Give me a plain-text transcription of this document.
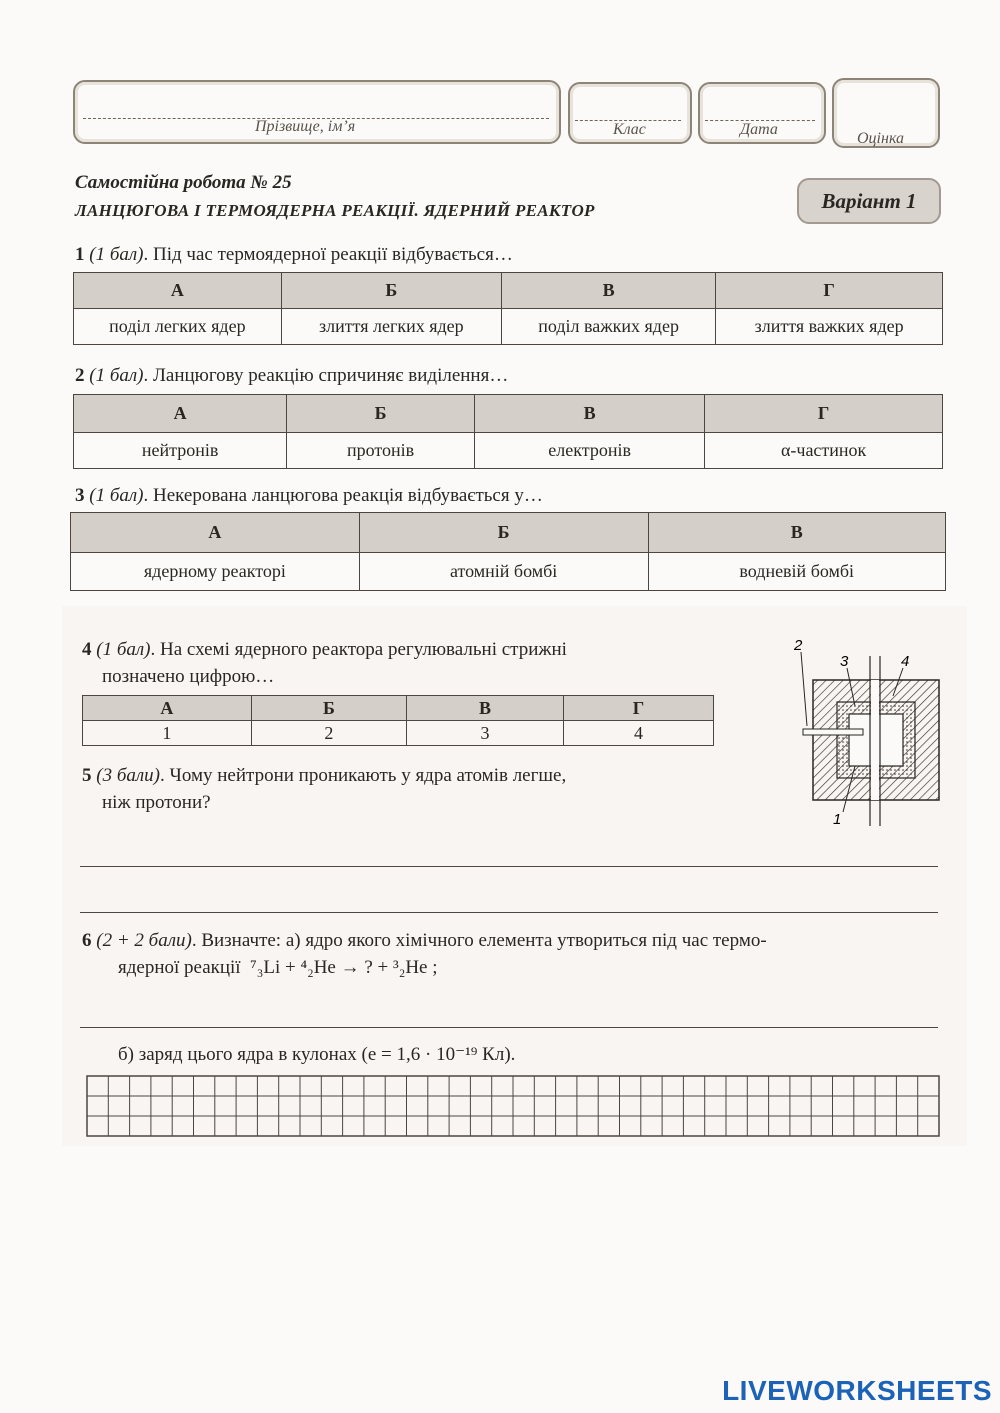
Прізвище, ім’я	Клас	Дата
Оцінка
Самостійна робота № 25
ЛАНЦЮГОВА І ТЕРМОЯДЕРНА РЕАКЦІЇ. ЯДЕРНИЙ РЕАКТОР	Варіант 1
1 (1 бал). Під час термоядерної реакції відбувається…
А	Б	В	Г
поділ легких ядер	злиття легких ядер	поділ важких ядер	злиття важких ядер
2 (1 бал). Ланцюгову реакцію спричиняє виділення…
А	Б	В	Г
нейтронів	протонів	електронів	α-частинок
3 (1 бал). Некерована ланцюгова реакція відбувається у…
А	Б	В
ядерному реакторі	атомній бомбі	водневій бомбі
4 (1 бал). На схемі ядерного реактора регулювальні стрижні
позначено цифрою…
А	Б	В	Г
1	2	3	4
2
3	4
1
5 (3 бали). Чому нейтрони проникають у ядра атомів легше,
ніж протони?
6 (2 + 2 бали). Визначте: а) ядро якого хімічного елемента утвориться під час термо-
ядерної реакції ⁷₃Li + ⁴₂He → ? + ³₂He ;
б) заряд цього ядра в кулонах (e = 1,6 · 10⁻¹⁹ Кл).
LIVEWORKSHEETS
